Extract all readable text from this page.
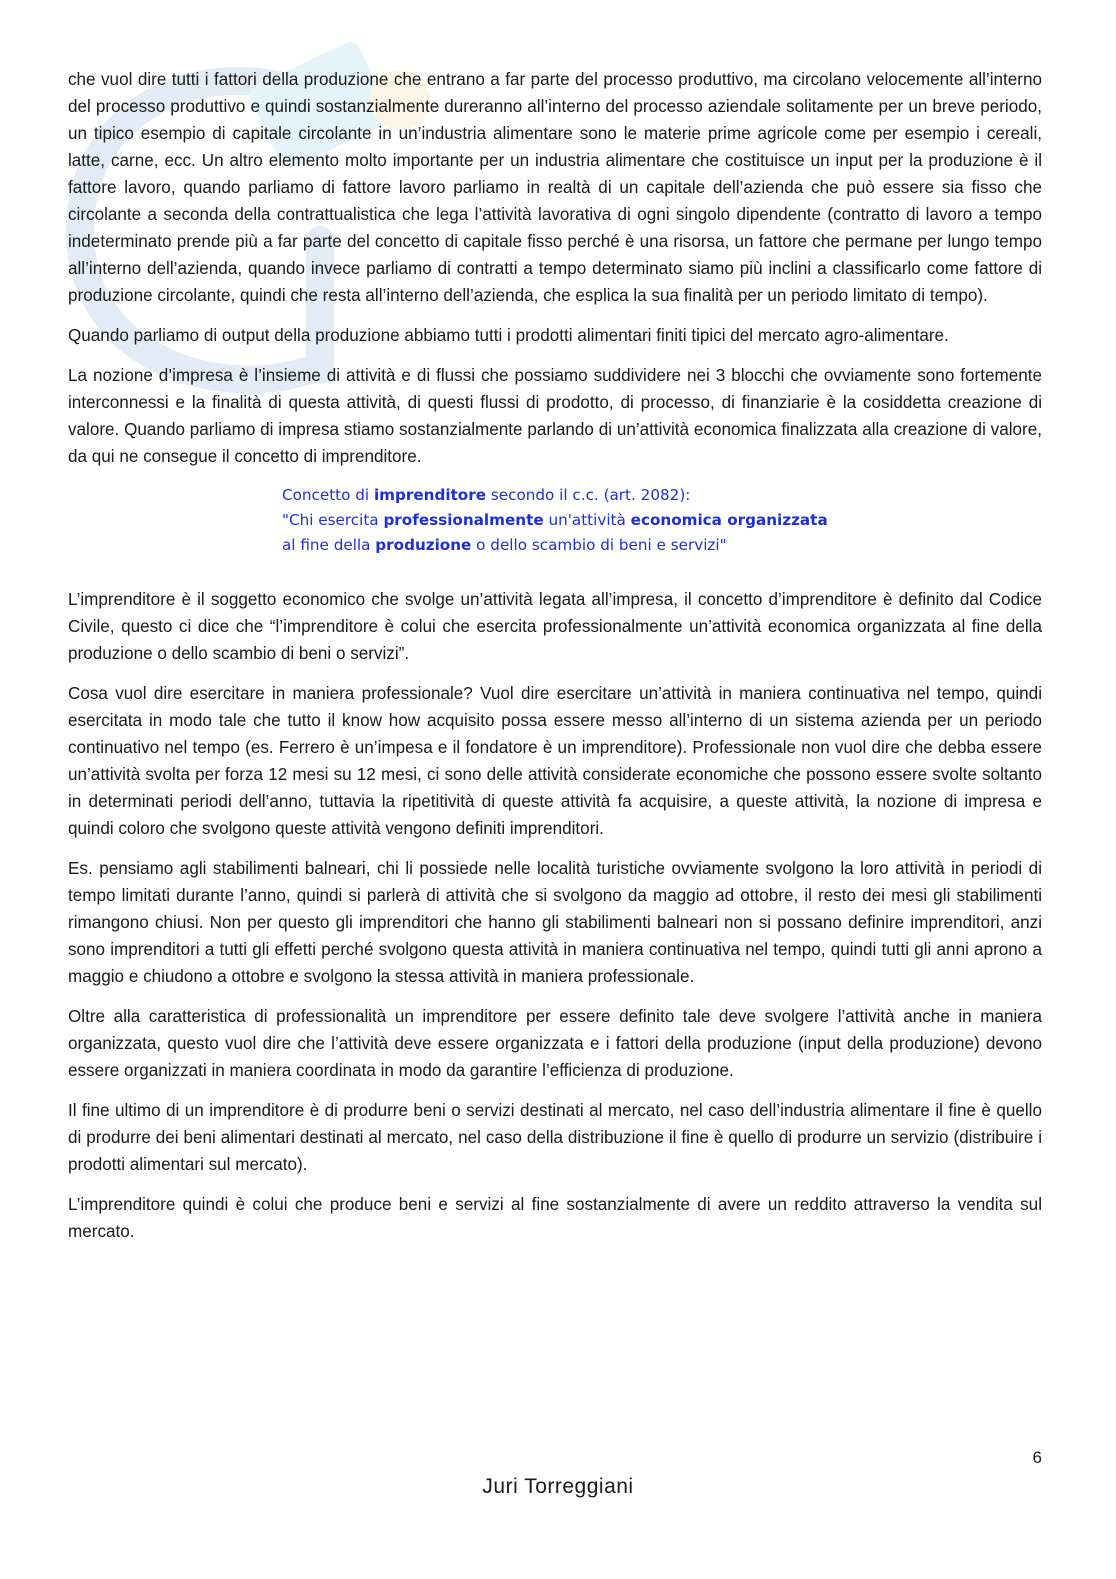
che vuol dire tutti i fattori della produzione che entrano a far parte del processo produttivo, ma circolano velocemente all’interno del processo produttivo e quindi sostanzialmente dureranno all’interno del processo aziendale solitamente per un breve periodo, un tipico esempio di capitale circolante in un’industria alimentare sono le materie prime agricole come per esempio i cereali, latte, carne, ecc. Un altro elemento molto importante per un industria alimentare che costituisce un input per la produzione è il fattore lavoro, quando parliamo di fattore lavoro parliamo in realtà di un capitale dell’azienda che può essere sia fisso che circolante a seconda della contrattualistica che lega l’attività lavorativa di ogni singolo dipendente (contratto di lavoro a tempo indeterminato prende più a far parte del concetto di capitale fisso perché è una risorsa, un fattore che permane per lungo tempo all’interno dell’azienda, quando invece parliamo di contratti a tempo determinato siamo più inclini a classificarlo come fattore di produzione circolante, quindi che resta all’interno dell’azienda, che esplica la sua finalità per un periodo limitato di tempo).

Quando parliamo di output della produzione abbiamo tutti i prodotti alimentari finiti tipici del mercato agro-alimentare.

La nozione d’impresa è l’insieme di attività e di flussi che possiamo suddividere nei 3 blocchi che ovviamente sono fortemente interconnessi e la finalità di questa attività, di questi flussi di prodotto, di processo, di finanziarie è la cosiddetta creazione di valore. Quando parliamo di impresa stiamo sostanzialmente parlando di un’attività economica finalizzata alla creazione di valore, da qui ne consegue il concetto di imprenditore.

Concetto di imprenditore secondo il c.c. (art. 2082):
"Chi esercita professionalmente un'attività economica organizzata
al fine della produzione o dello scambio di beni e servizi"

L’imprenditore è il soggetto economico che svolge un’attività legata all’impresa, il concetto d’imprenditore è definito dal Codice Civile, questo ci dice che “l’imprenditore è colui che esercita professionalmente un’attività economica organizzata al fine della produzione o dello scambio di beni o servizi”.

Cosa vuol dire esercitare in maniera professionale? Vuol dire esercitare un’attività in maniera continuativa nel tempo, quindi esercitata in modo tale che tutto il know how acquisito possa essere messo all’interno di un sistema azienda per un periodo continuativo nel tempo (es. Ferrero è un’impesa e il fondatore è un imprenditore). Professionale non vuol dire che debba essere un’attività svolta per forza 12 mesi su 12 mesi, ci sono delle attività considerate economiche che possono essere svolte soltanto in determinati periodi dell’anno, tuttavia la ripetitività di queste attività fa acquisire, a queste attività, la nozione di impresa e quindi coloro che svolgono queste attività vengono definiti imprenditori.

Es. pensiamo agli stabilimenti balneari, chi li possiede nelle località turistiche ovviamente svolgono la loro attività in periodi di tempo limitati durante l’anno, quindi si parlerà di attività che si svolgono da maggio ad ottobre, il resto dei mesi gli stabilimenti rimangono chiusi. Non per questo gli imprenditori che hanno gli stabilimenti balneari non si possano definire imprenditori, anzi sono imprenditori a tutti gli effetti perché svolgono questa attività in maniera continuativa nel tempo, quindi tutti gli anni aprono a maggio e chiudono a ottobre e svolgono la stessa attività in maniera professionale.

Oltre alla caratteristica di professionalità un imprenditore per essere definito tale deve svolgere l’attività anche in maniera organizzata, questo vuol dire che l’attività deve essere organizzata e i fattori della produzione (input della produzione) devono essere organizzati in maniera coordinata in modo da garantire l’efficienza di produzione.

Il fine ultimo di un imprenditore è di produrre beni o servizi destinati al mercato, nel caso dell’industria alimentare il fine è quello di produrre dei beni alimentari destinati al mercato, nel caso della distribuzione il fine è quello di produrre un servizio (distribuire i prodotti alimentari sul mercato).

L’imprenditore quindi è colui che produce beni e servizi al fine sostanzialmente di avere un reddito attraverso la vendita sul mercato.

6
Juri Torreggiani
